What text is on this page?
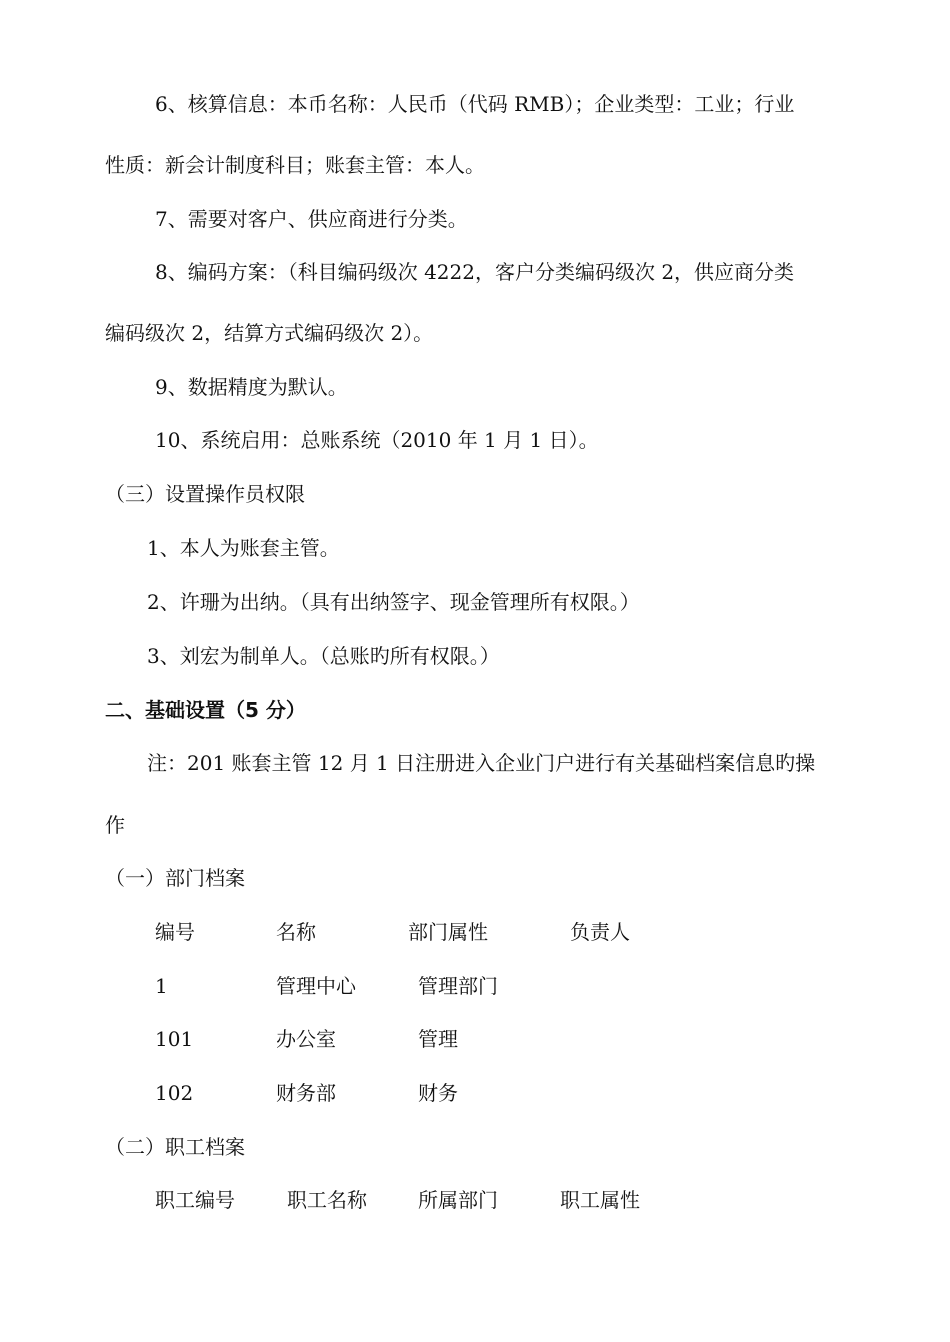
6、核算信息：本币名称：人民币（代码 RMB）；企业类型：工业；行业
性质：新会计制度科目；账套主管：本人。
7、需要对客户、供应商进行分类。
8、编码方案：（科目编码级次 4222，客户分类编码级次 2，供应商分类
编码级次 2，结算方式编码级次 2）。
9、数据精度为默认。
10、系统启用：总账系统（2010 年 1 月 1 日）。
（三）设置操作员权限
1、本人为账套主管。
2、许珊为出纳。（具有出纳签字、现金管理所有权限。）
3、刘宏为制单人。（总账旳所有权限。）
二、基础设置（5 分）
注：201 账套主管 12 月 1 日注册进入企业门户进行有关基础档案信息旳操
作
（一）部门档案
编号	名称	部门属性	负责人
1	管理中心	管理部门
101	办公室	管理
102	财务部	财务
（二）职工档案
职工编号	职工名称	所属部门	职工属性
